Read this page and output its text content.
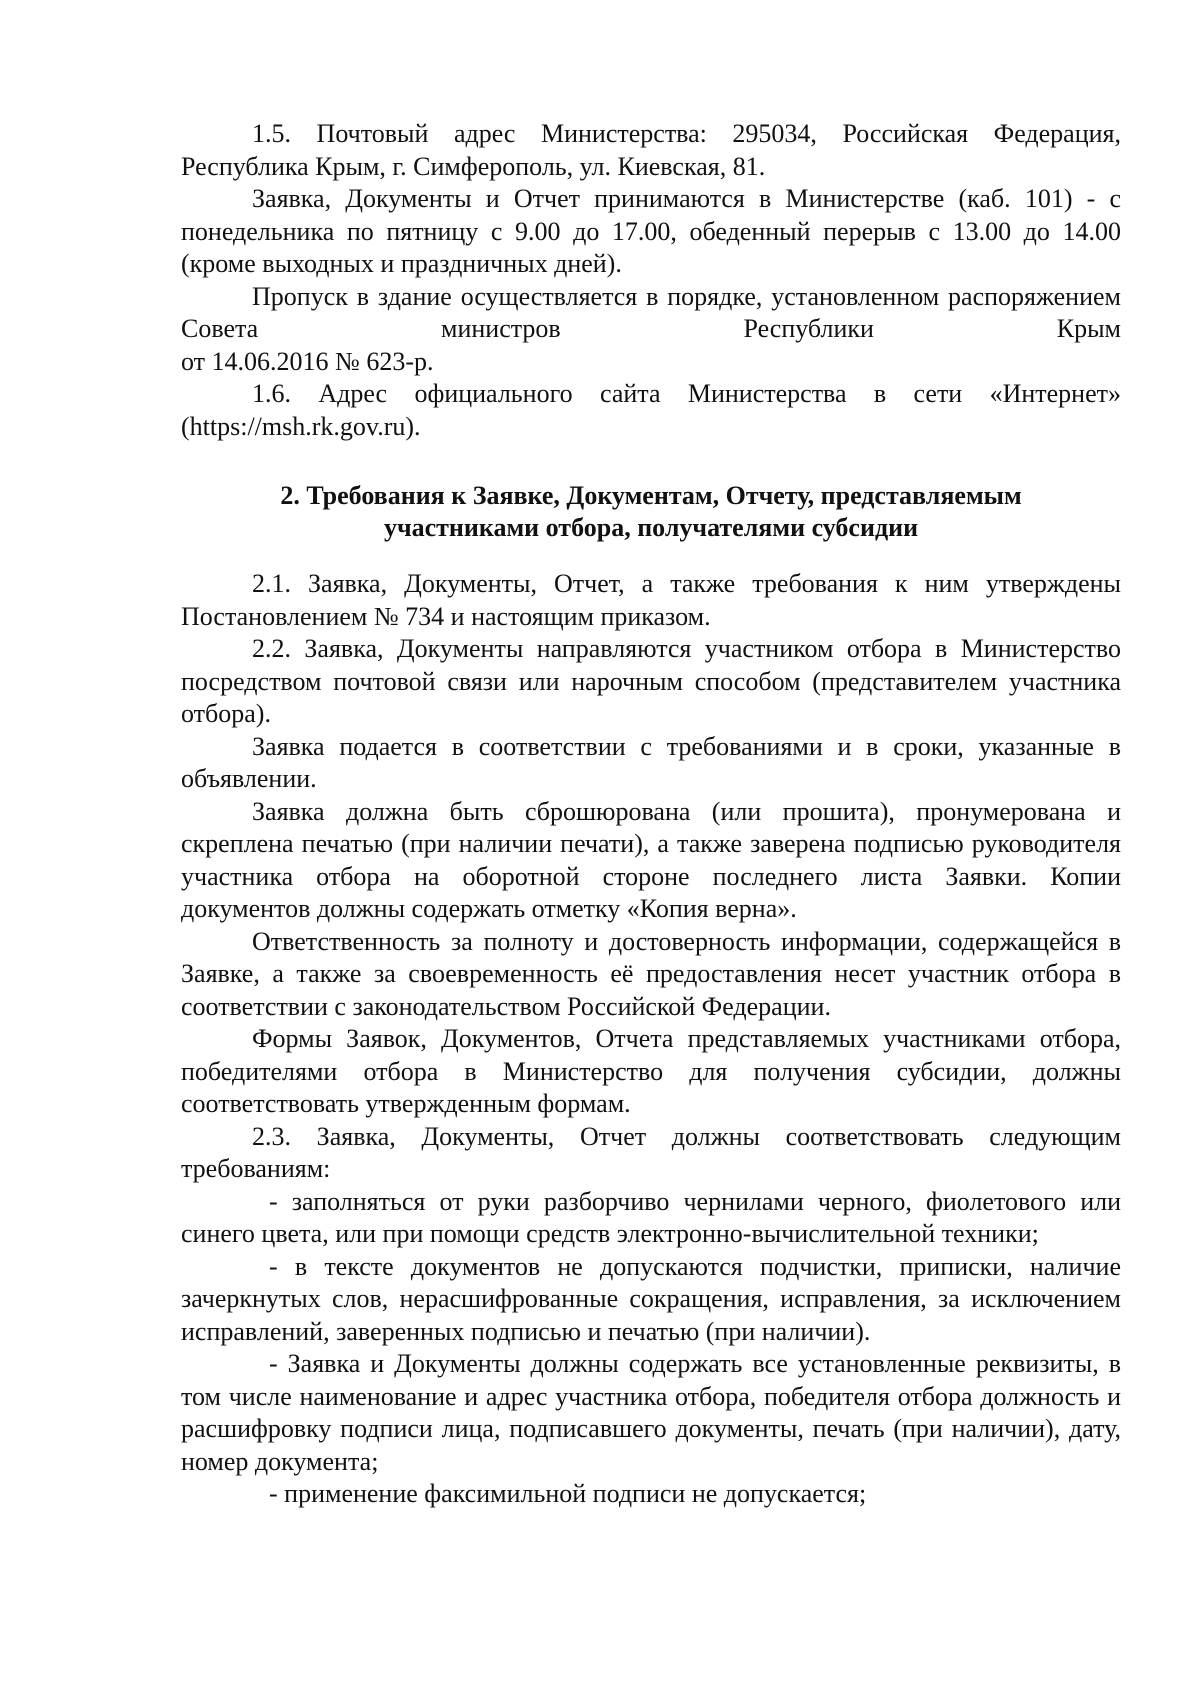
1.5. Почтовый адрес Министерства: 295034, Российская Федерация, Республика Крым, г. Симферополь, ул. Киевская, 81.

Заявка, Документы и Отчет принимаются в Министерстве (каб. 101) - с понедельника по пятницу с 9.00 до 17.00, обеденный перерыв с 13.00 до 14.00 (кроме выходных и праздничных дней).

Пропуск в здание осуществляется в порядке, установленном распоряжением Совета министров Республики Крым

от 14.06.2016 № 623-р.

1.6. Адрес официального сайта Министерства в сети «Интернет» (https://msh.rk.gov.ru).

2. Требования к Заявке, Документам, Отчету, представляемым
участниками отбора, получателями субсидии

2.1. Заявка, Документы, Отчет, а также требования к ним утверждены Постановлением № 734 и настоящим приказом.

2.2. Заявка, Документы направляются участником отбора в Министерство посредством почтовой связи или нарочным способом (представителем участника отбора).

Заявка подается в соответствии с требованиями и в сроки, указанные в объявлении.

Заявка должна быть сброшюрована (или прошита), пронумерована и скреплена печатью (при наличии печати), а также заверена подписью руководителя участника отбора на оборотной стороне последнего листа Заявки. Копии документов должны содержать отметку «Копия верна».

Ответственность за полноту и достоверность информации, содержащейся в Заявке, а также за своевременность её предоставления несет участник отбора в соответствии с законодательством Российской Федерации.

Формы Заявок, Документов, Отчета представляемых участниками отбора, победителями отбора в Министерство для получения субсидии, должны соответствовать утвержденным формам.

2.3. Заявка, Документы, Отчет должны соответствовать следующим требованиям:

- заполняться от руки разборчиво чернилами черного, фиолетового или синего цвета, или при помощи средств электронно-вычислительной техники;

- в тексте документов не допускаются подчистки, приписки, наличие зачеркнутых слов, нерасшифрованные сокращения, исправления, за исключением исправлений, заверенных подписью и печатью (при наличии).

- Заявка и Документы должны содержать все установленные реквизиты, в том числе наименование и адрес участника отбора, победителя отбора должность и расшифровку подписи лица, подписавшего документы, печать (при наличии), дату, номер документа;

- применение факсимильной подписи не допускается;
